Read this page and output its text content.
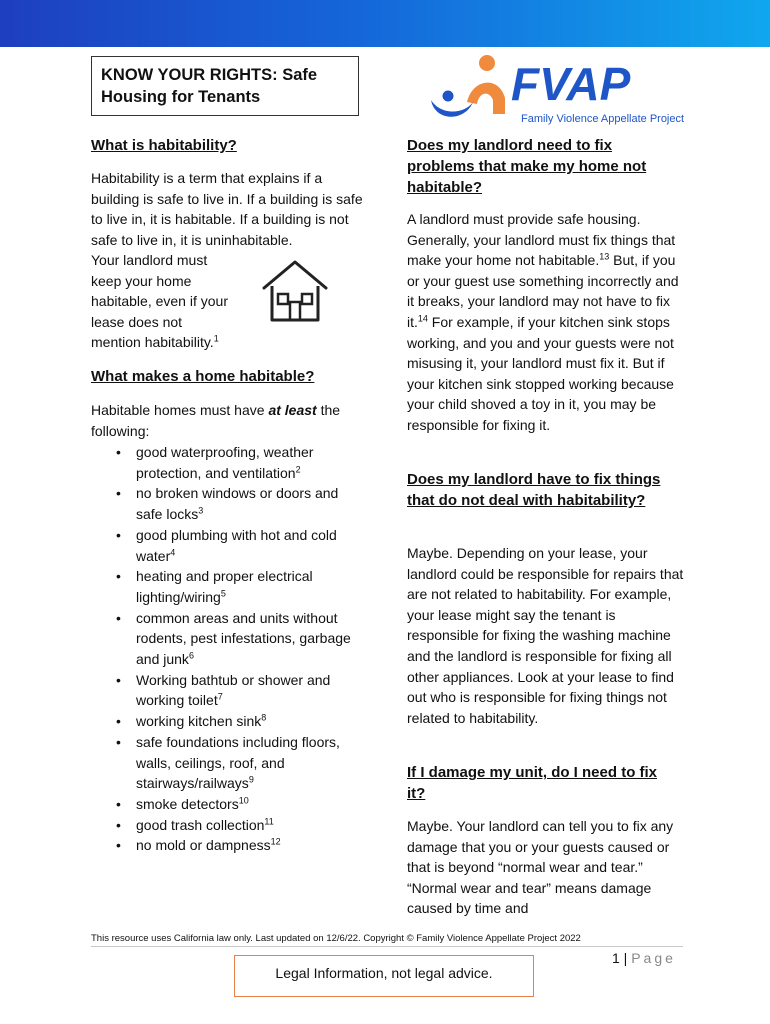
KNOW YOUR RIGHTS: Safe Housing for Tenants	FVAP
Family Violence Appellate Project
What is habitability?
Habitability is a term that explains if a building is safe to live in. If a building is safe to live in, it is habitable. If a building is not safe to live in, it is uninhabitable.
Your landlord must
keep your home
habitable, even if your
lease does not
mention habitability.$^1$
What makes a home habitable?
Habitable homes must have at least the following:
• good waterproofing, weather protection, and ventilation$^2$
• no broken windows or doors and safe locks$^3$
• good plumbing with hot and cold water$^4$
• heating and proper electrical lighting/wiring$^5$
• common areas and units without rodents, pest infestations, garbage and junk$^6$
• Working bathtub or shower and working toilet$^7$
• working kitchen sink$^8$
• safe foundations including floors, walls, ceilings, roof, and stairways/railways$^9$
• smoke detectors$^{10}$
• good trash collection$^{11}$
• no mold or dampness$^{12}$
Does my landlord need to fix problems that make my home not habitable?
A landlord must provide safe housing. Generally, your landlord must fix things that make your home not habitable.$^{13}$ But, if you or your guest use something incorrectly and it breaks, your landlord may not have to fix it.$^{14}$ For example, if your kitchen sink stops working, and you and your guests were not misusing it, your landlord must fix it. But if your kitchen sink stopped working because your child shoved a toy in it, you may be responsible for fixing it.
Does my landlord have to fix things that do not deal with habitability?
Maybe. Depending on your lease, your landlord could be responsible for repairs that are not related to habitability. For example, your lease might say the tenant is responsible for fixing the washing machine and the landlord is responsible for fixing all other appliances. Look at your lease to find out who is responsible for fixing things not related to habitability.
If I damage my unit, do I need to fix it?
Maybe. Your landlord can tell you to fix any damage that you or your guests caused or that is beyond “normal wear and tear.” “Normal wear and tear” means damage caused by time and
This resource uses California law only. Last updated on 12/6/22. Copyright © Family Violence Appellate Project 2022
1 | Page
Legal Information, not legal advice.
